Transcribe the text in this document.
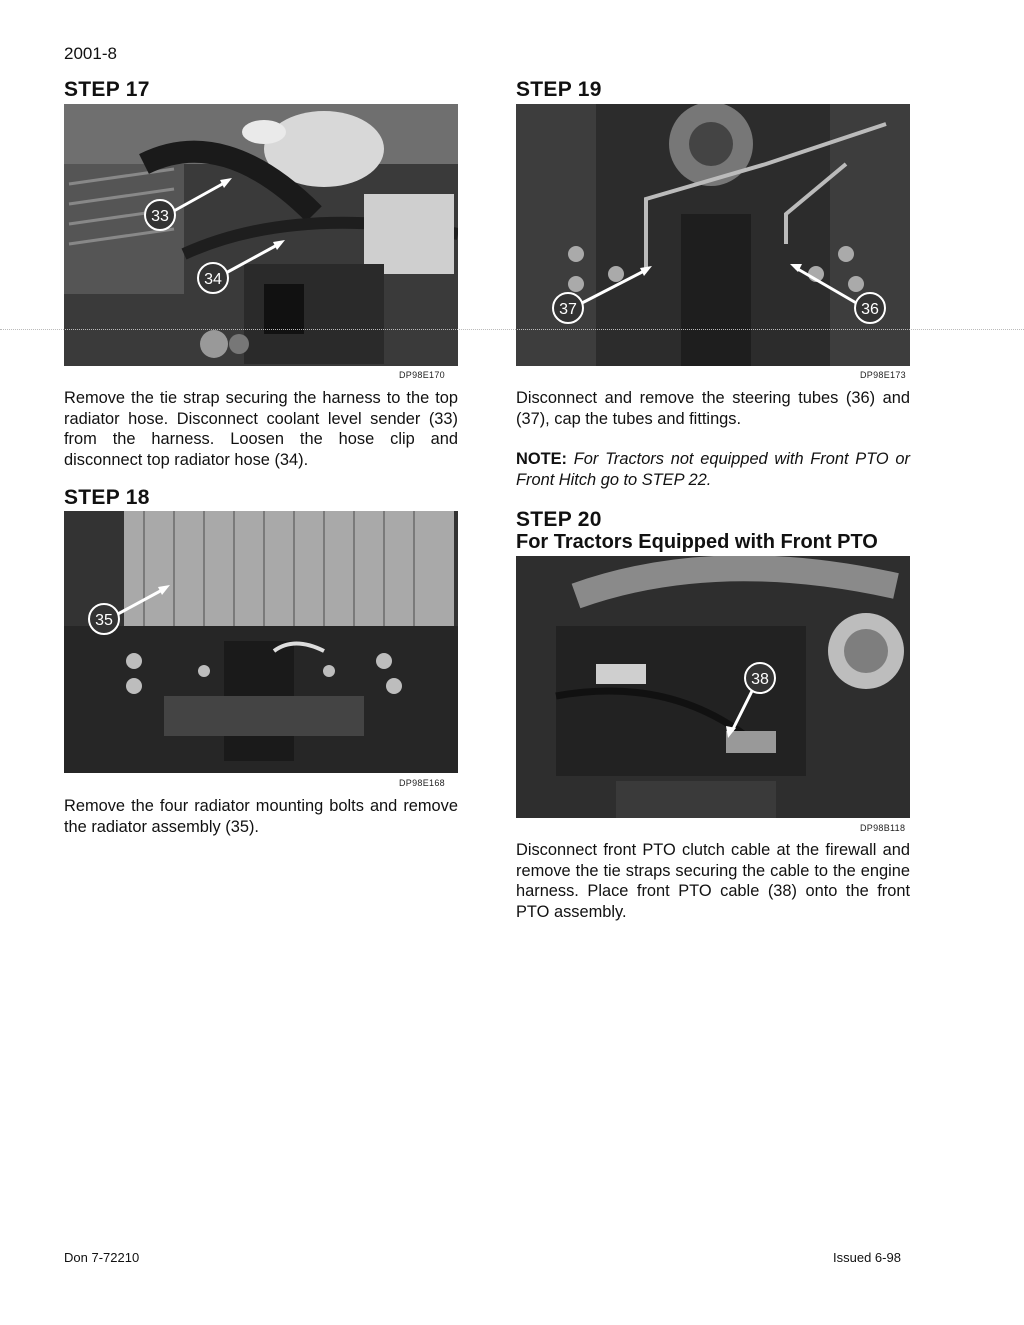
2001-8
STEP 17
33
34
DP98E170

Remove the tie strap securing the harness to the top radiator hose. Disconnect coolant level sender (33) from the harness. Loosen the hose clip and disconnect top radiator hose (34).

STEP 18
35
DP98E168

Remove the four radiator mounting bolts and remove the radiator assembly (35).

STEP 19
37	36
DP98E173

Disconnect and remove the steering tubes (36) and (37), cap the tubes and fittings.

NOTE: For Tractors not equipped with Front PTO or Front Hitch go to STEP 22.

STEP 20
For Tractors Equipped with Front PTO
38
DP98B118

Disconnect front PTO clutch cable at the firewall and remove the tie straps securing the cable to the engine harness. Place front PTO cable (38) onto the front PTO assembly.

Don 7-72210	Issued 6-98
